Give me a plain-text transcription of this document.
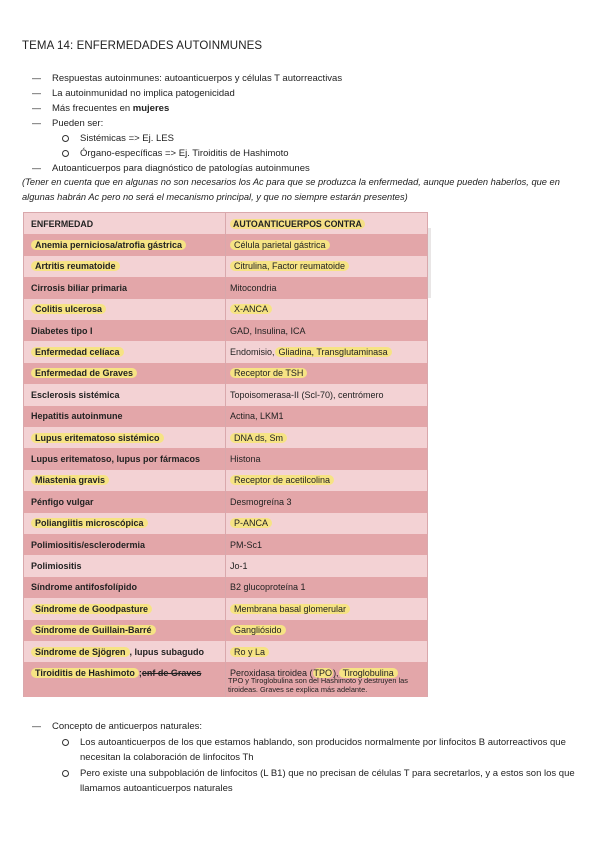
TEMA 14: ENFERMEDADES AUTOINMUNES
— Respuestas autoinmunes: autoanticuerpos y células T autorreactivas
— La autoinmunidad no implica patogenicidad
— Más frecuentes en mujeres
— Pueden ser:
Sistémicas => Ej. LES
Órgano-específicas => Ej. Tiroiditis de Hashimoto
— Autoanticuerpos para diagnóstico de patologías autoinmunes
(Tener en cuenta que en algunas no son necesarios los Ac para que se produzca la enfermedad, aunque pueden haberlos, que en algunas habrán Ac pero no será el mecanismo principal, y que no siempre estarán presentes)
ENFERMEDAD	AUTOANTICUERPOS CONTRA
Anemia perniciosa/atrofia gástrica	Célula parietal gástrica
Artritis reumatoide	Citrulina, Factor reumatoide
Cirrosis biliar primaria	Mitocondria
Colitis ulcerosa	X-ANCA
Diabetes tipo I	GAD, Insulina, ICA
Enfermedad celíaca	Endomisio, Gliadina, Transglutaminasa
Enfermedad de Graves	Receptor de TSH
Esclerosis sistémica	Topoisomerasa-II (Scl-70), centrómero
Hepatitis autoinmune	Actina, LKM1
Lupus eritematoso sistémico	DNA ds, Sm
Lupus eritematoso, lupus por fármacos	Histona
Miastenia gravis	Receptor de acetilcolina
Pénfigo vulgar	Desmogreína 3
Poliangiitis microscópica	P-ANCA
Polimiositis/esclerodermia	PM-Sc1
Polimiositis	Jo-1
Síndrome antifosfolípido	B2 glucoproteína 1
Síndrome de Goodpasture	Membrana basal glomerular
Síndrome de Guillain-Barré	Gangliósido
Síndrome de Sjögren , lupus subagudo	Ro y La
Tiroiditis de Hashimoto ; enf de Graves	Peroxidasa tiroidea ( TPO ), Tiroglobulina
TPO y Tiroglobulina son del Hashimoto y destruyen las
tiroideas. Graves se explica más adelante.
— Concepto de anticuerpos naturales:
Los autoanticuerpos de los que estamos hablando, son producidos normalmente por linfocitos B autorreactivos que necesitan la colaboración de linfocitos Th
Pero existe una subpoblación de linfocitos (L B1) que no precisan de células T para secretarlos, y a estos son los que llamamos autoanticuerpos naturales
